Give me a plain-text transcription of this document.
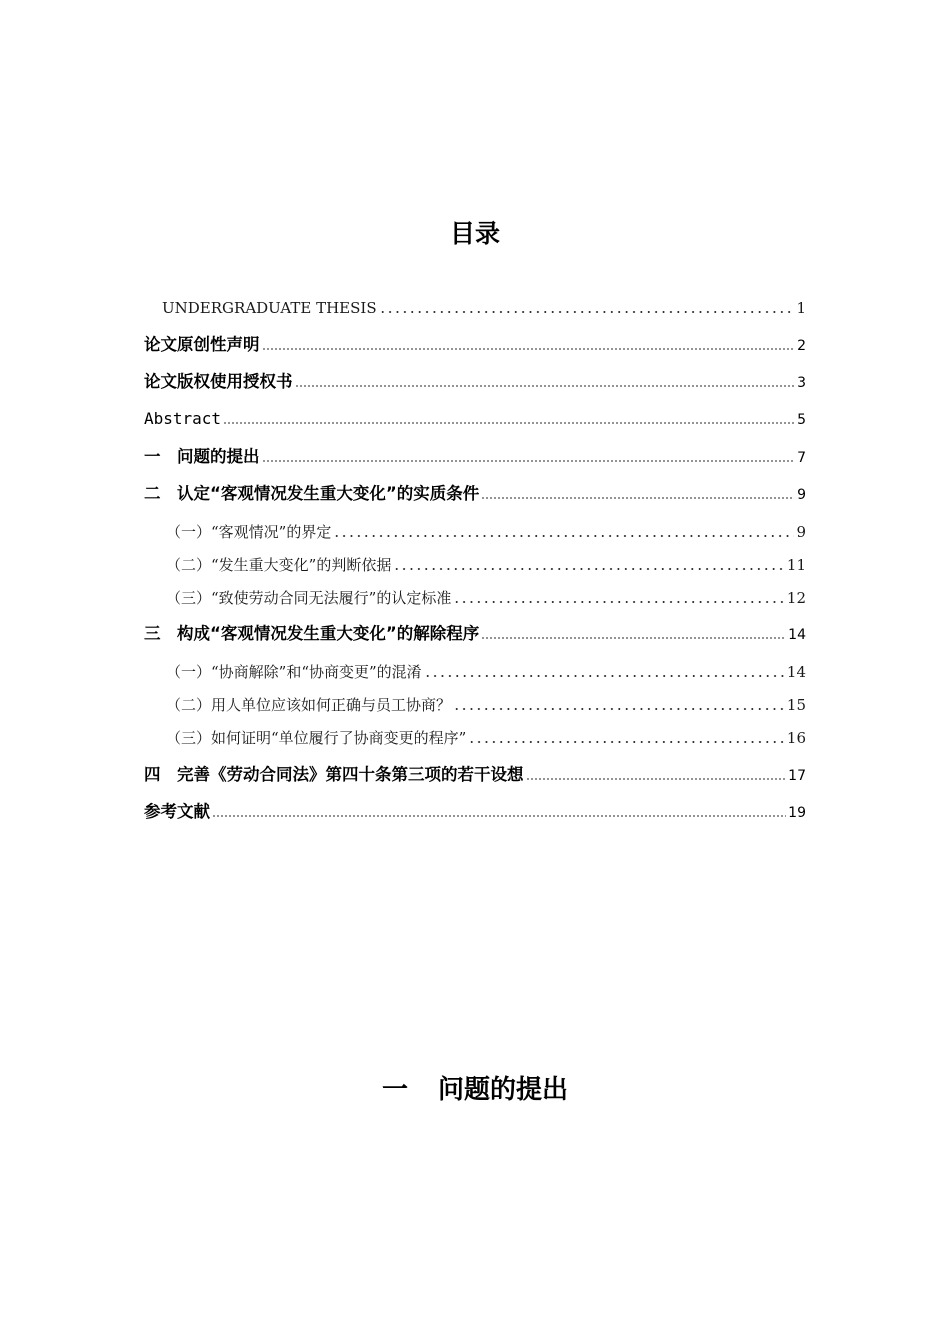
目录
UNDERGRADUATE THESIS	1
论文原创性声明	2
论文版权使用授权书	3
Abstract	5
一　问题的提出	7
二　认定“客观情况发生重大变化”的实质条件	9
（一）“客观情况”的界定	9
（二）“发生重大变化”的判断依据	11
（三）“致使劳动合同无法履行”的认定标准	12
三　构成“客观情况发生重大变化”的解除程序	14
（一）“协商解除”和“协商变更”的混淆	14
（二）用人单位应该如何正确与员工协商？	15
（三）如何证明“单位履行了协商变更的程序”	16
四　完善《劳动合同法》第四十条第三项的若干设想	17
参考文献	19
一 问题的提出
